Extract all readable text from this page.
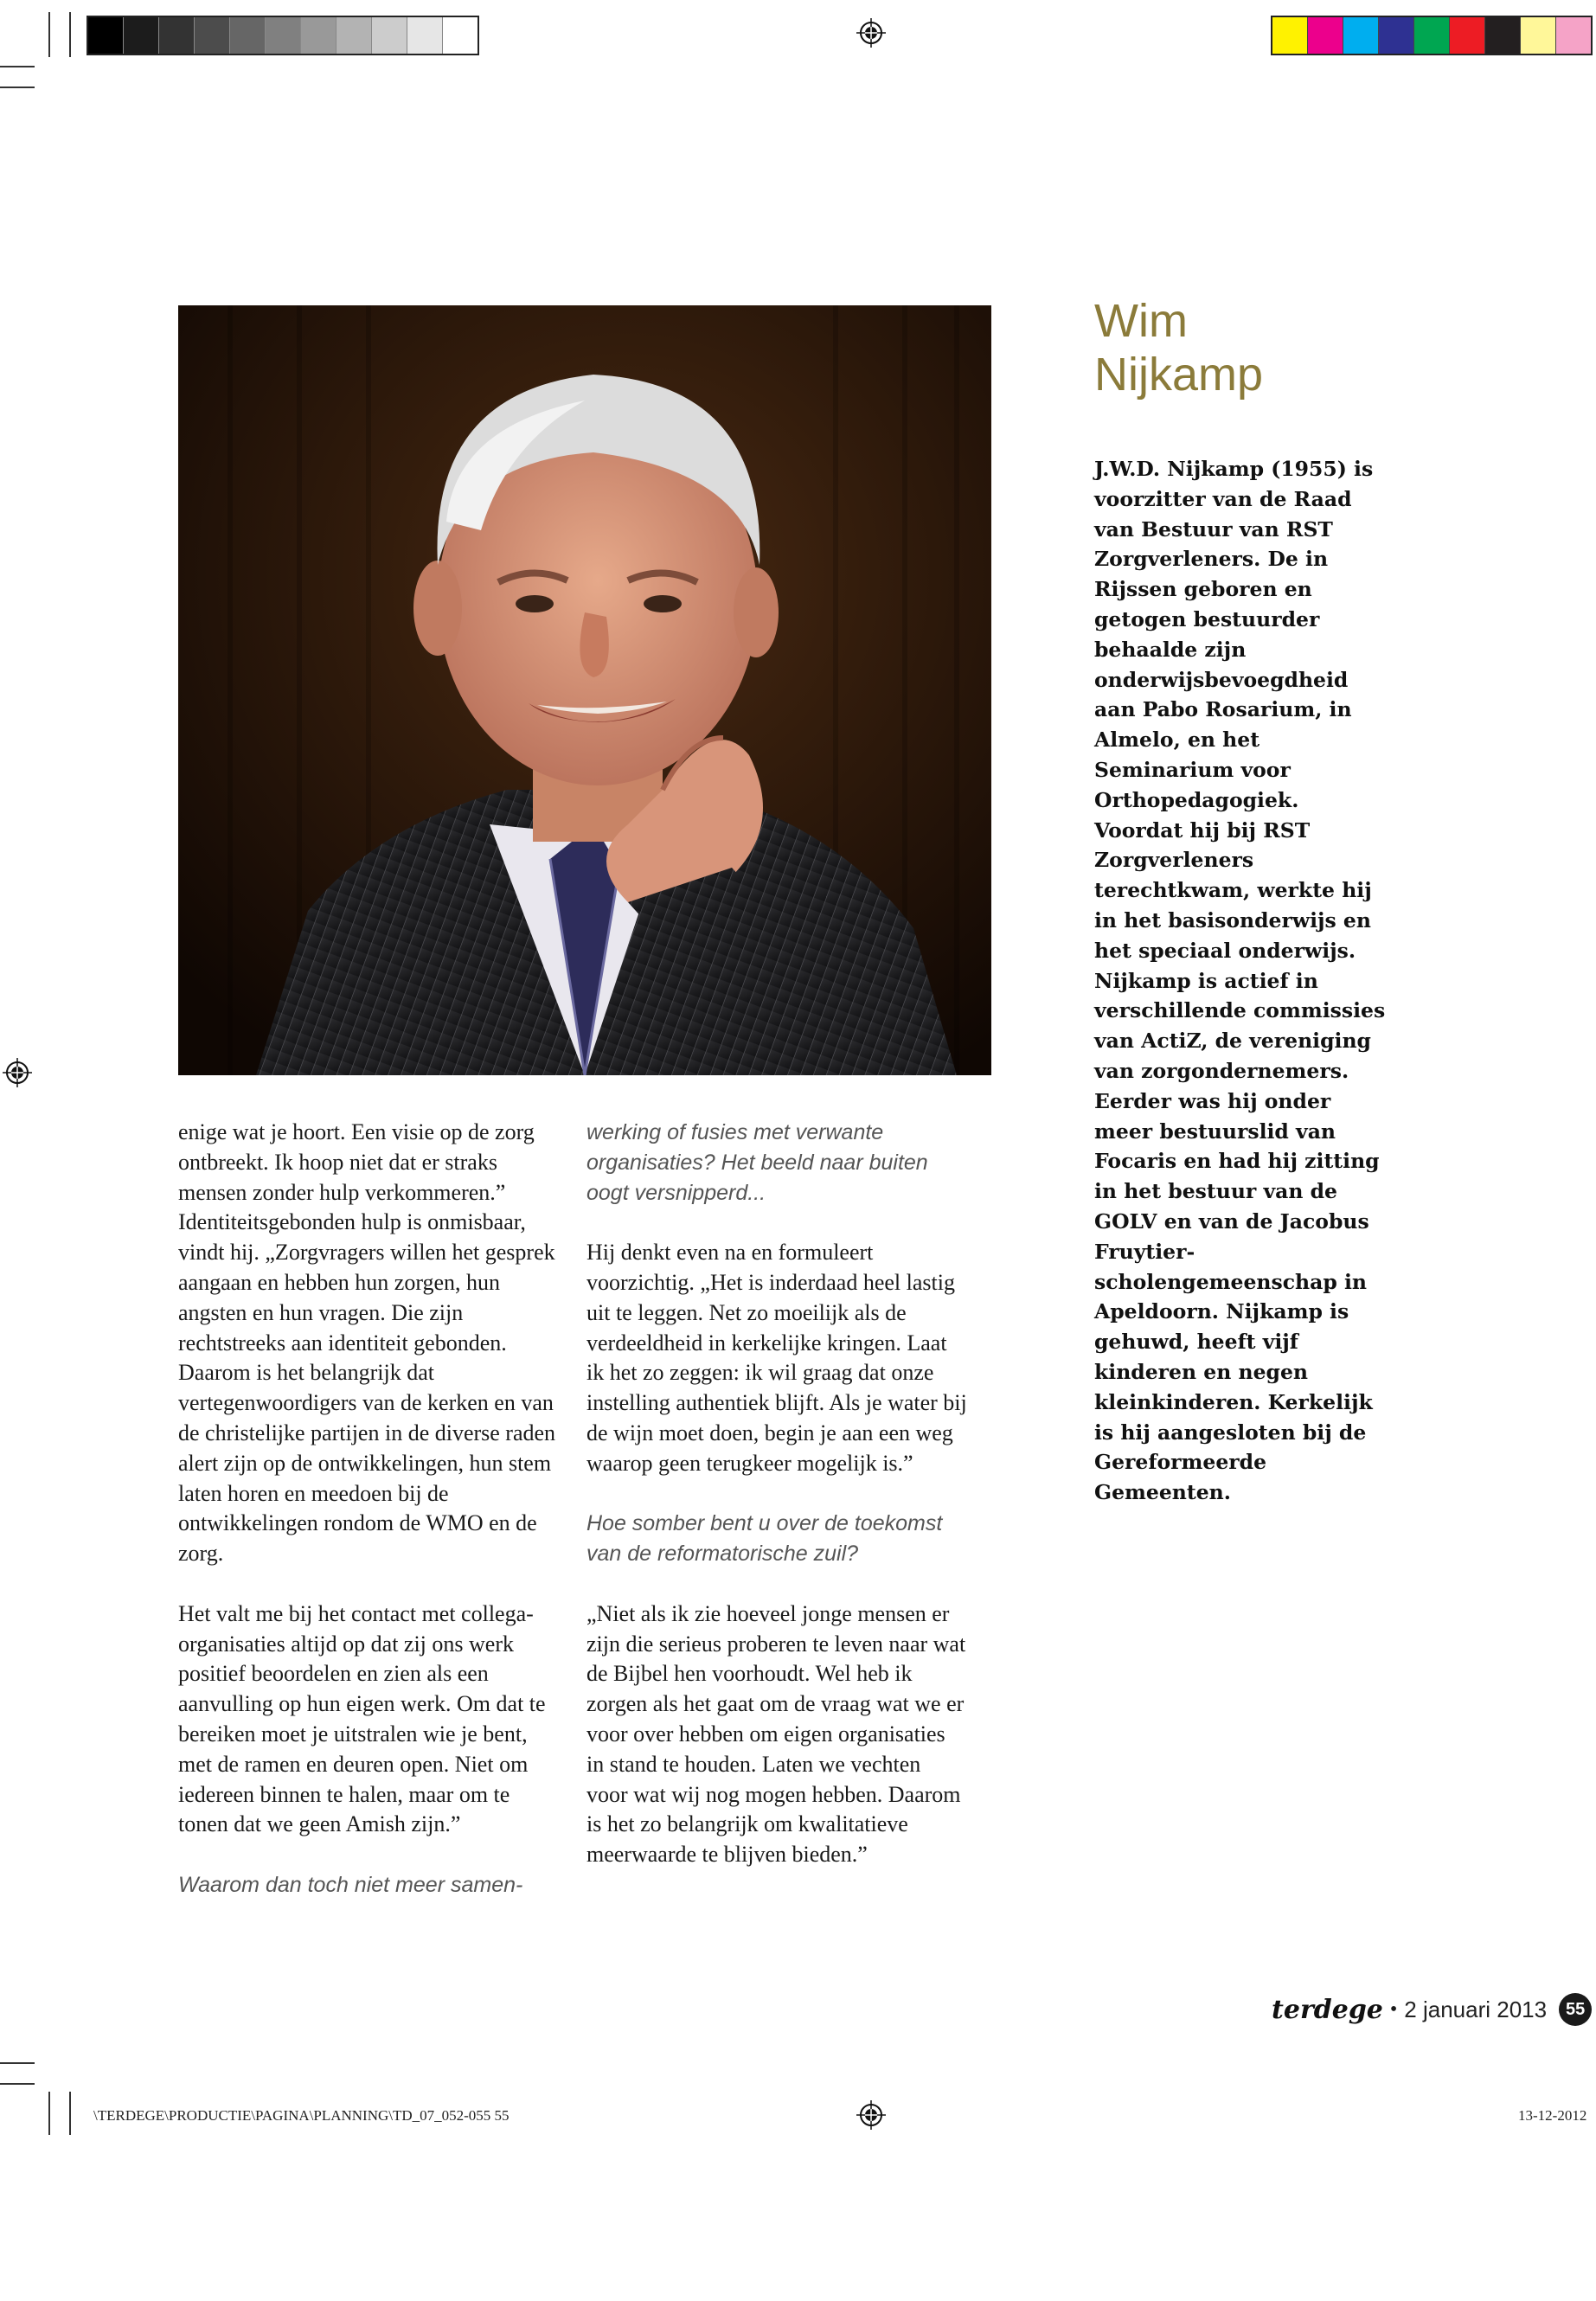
Wim
Nijkamp

J.W.D. Nijkamp (1955) is voorzitter van de Raad van Bestuur van RST Zorgverleners. De in Rijssen geboren en getogen bestuurder behaalde zijn onderwijsbevoegdheid aan Pabo Rosarium, in Almelo, en het Seminarium voor Orthopedagogiek. Voordat hij bij RST Zorgverleners terechtkwam, werkte hij in het basisonderwijs en het speciaal onderwijs. Nijkamp is actief in verschillende commissies van ActiZ, de vereniging van zorgondernemers. Eerder was hij onder meer bestuurslid van Focaris en had hij zitting in het bestuur van de GOLV en van de Jacobus Fruytier-scholengemeenschap in Apeldoorn. Nijkamp is gehuwd, heeft vijf kinderen en negen kleinkinderen. Kerkelijk is hij aangesloten bij de Gereformeerde Gemeenten.

enige wat je hoort. Een visie op de zorg ontbreekt. Ik hoop niet dat er straks mensen zonder hulp verkommeren.”

Identiteitsgebonden hulp is onmisbaar, vindt hij. „Zorgvragers willen het gesprek aangaan en hebben hun zorgen, hun angsten en hun vragen. Die zijn rechtstreeks aan identiteit gebonden. Daarom is het belangrijk dat vertegenwoordigers van de kerken en van de christelijke partijen in de diverse raden alert zijn op de ontwikkelingen, hun stem laten horen en meedoen bij de ontwikkelingen rondom de WMO en de zorg.

Het valt me bij het contact met collega-organisaties altijd op dat zij ons werk positief beoordelen en zien als een aanvulling op hun eigen werk. Om dat te bereiken moet je uitstralen wie je bent, met de ramen en deuren open. Niet om iedereen binnen te halen, maar om te tonen dat we geen Amish zijn.”

Waarom dan toch niet meer samen-

werking of fusies met verwante organisaties? Het beeld naar buiten oogt versnipperd...

Hij denkt even na en formuleert voorzichtig. „Het is inderdaad heel lastig uit te leggen. Net zo moeilijk als de verdeeldheid in kerkelijke kringen. Laat ik het zo zeggen: ik wil graag dat onze instelling authentiek blijft. Als je water bij de wijn moet doen, begin je aan een weg waarop geen terugkeer mogelijk is.”

Hoe somber bent u over de toekomst van de reformatorische zuil?

„Niet als ik zie hoeveel jonge mensen er zijn die serieus proberen te leven naar wat de Bijbel hen voorhoudt. Wel heb ik zorgen als het gaat om de vraag wat we er voor over hebben om eigen organisaties in stand te houden. Laten we vechten voor wat wij nog mogen hebben. Daarom is het zo belangrijk om kwalitatieve meerwaarde te blijven bieden.”

terdege • 2 januari 2013	55
\TERDEGE\PRODUCTIE\PAGINA\PLANNING\TD_07_052-055 55	13-12-2012
